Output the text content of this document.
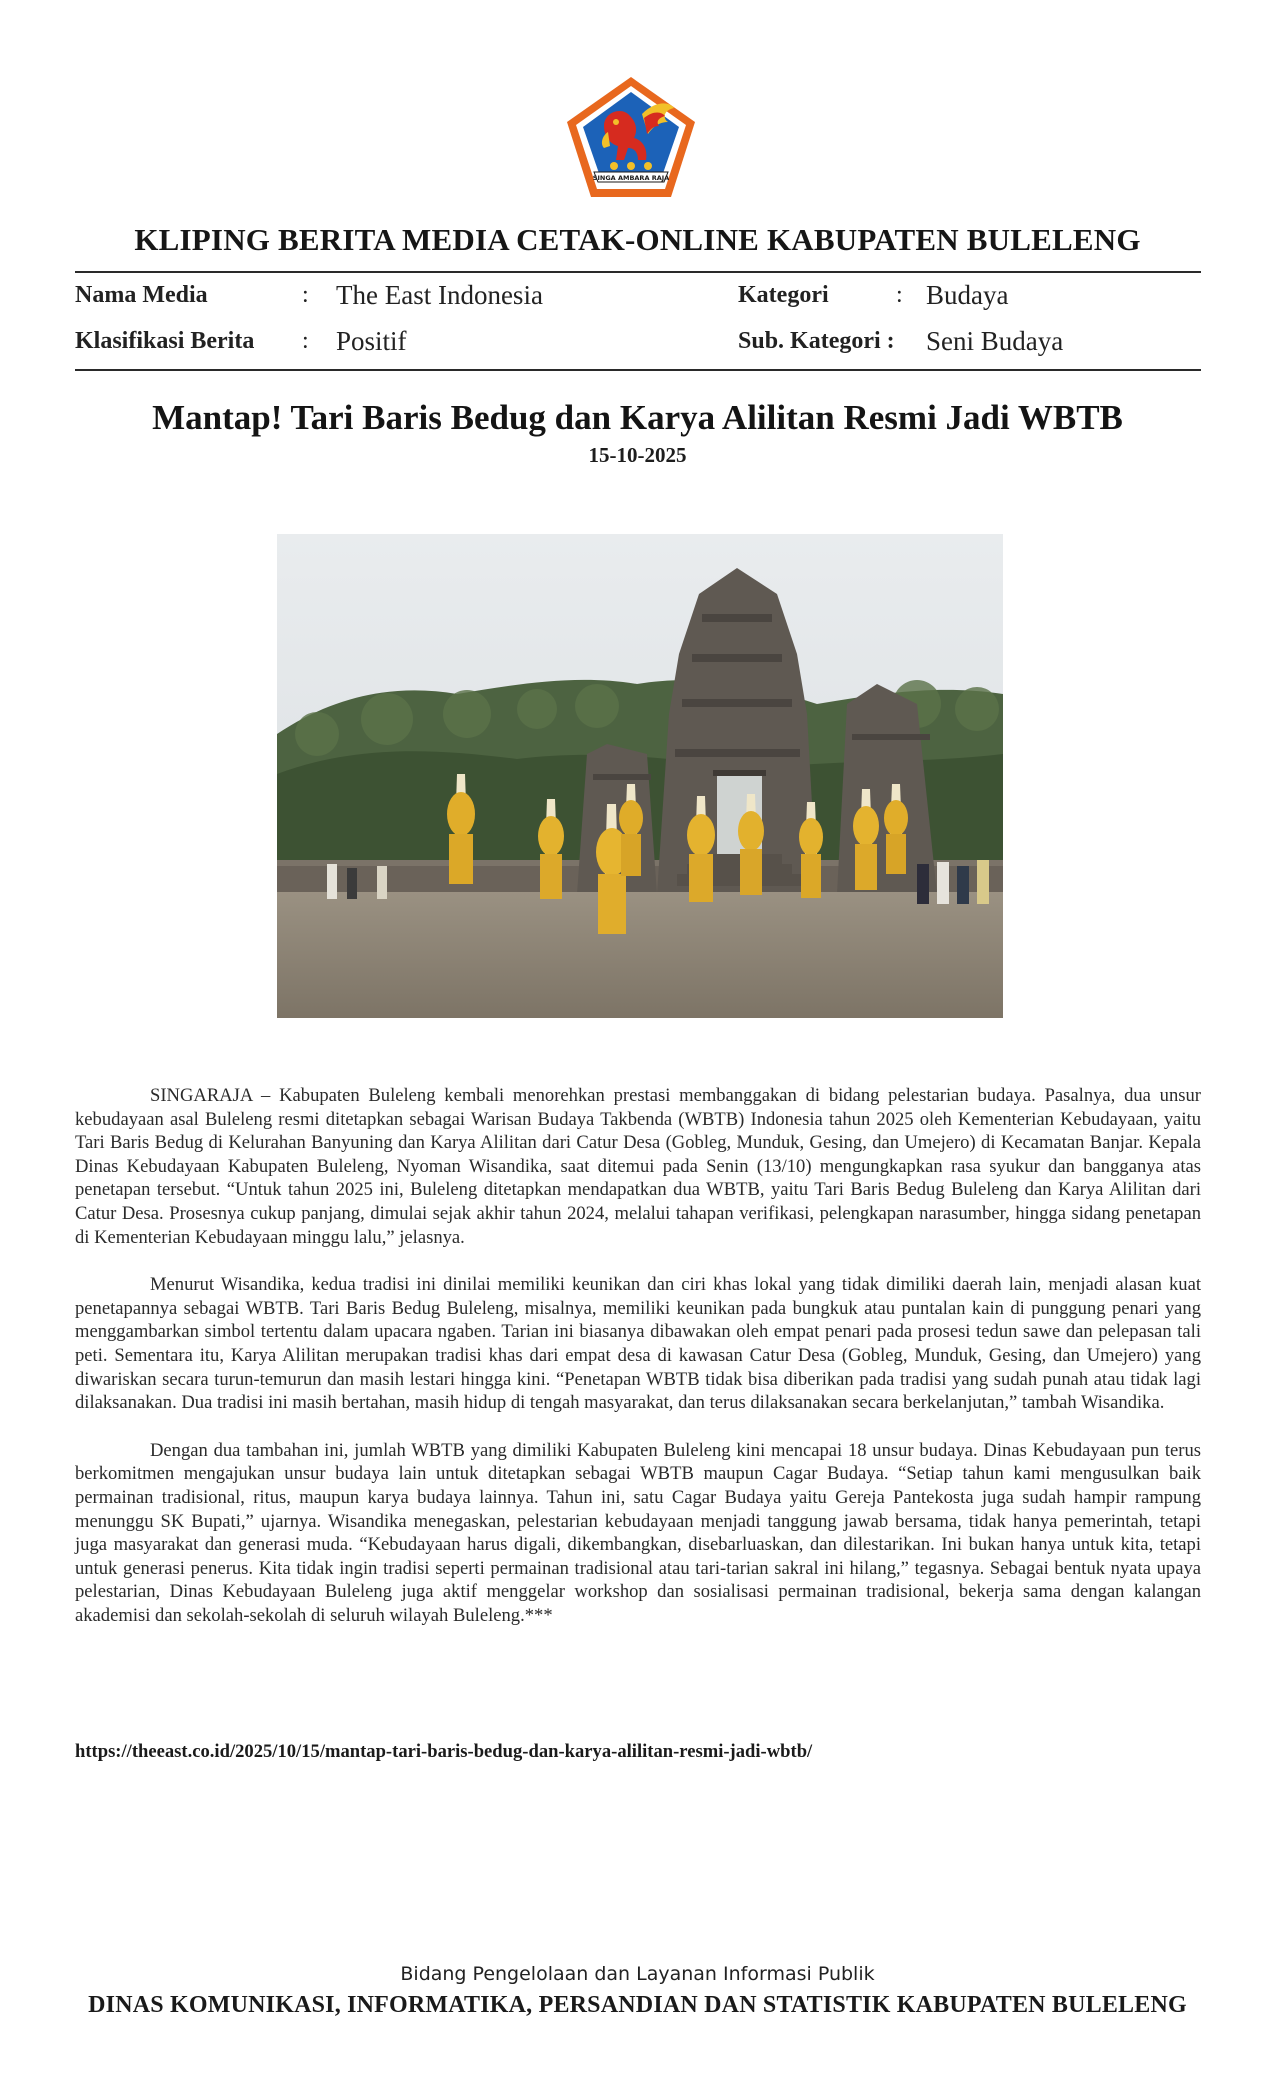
SINGA AMBARA RAJA
KLIPING BERITA MEDIA CETAK-ONLINE KABUPATEN BULELENG
Nama Media	: The East Indonesia
Klasifikasi Berita : Positif
Kategori	: Budaya
Sub. Kategori : Seni Budaya
Mantap! Tari Baris Bedug dan Karya Alilitan Resmi Jadi WBTB
15-10-2025

SINGARAJA – Kabupaten Buleleng kembali menorehkan prestasi membanggakan di bidang pelestarian budaya. Pasalnya, dua unsur kebudayaan asal Buleleng resmi ditetapkan sebagai Warisan Budaya Takbenda (WBTB) Indonesia tahun 2025 oleh Kementerian Kebudayaan, yaitu Tari Baris Bedug di Kelurahan Banyuning dan Karya Alilitan dari Catur Desa (Gobleg, Munduk, Gesing, dan Umejero) di Kecamatan Banjar. Kepala Dinas Kebudayaan Kabupaten Buleleng, Nyoman Wisandika, saat ditemui pada Senin (13/10) mengungkapkan rasa syukur dan bangganya atas penetapan tersebut. “Untuk tahun 2025 ini, Buleleng ditetapkan mendapatkan dua WBTB, yaitu Tari Baris Bedug Buleleng dan Karya Alilitan dari Catur Desa. Prosesnya cukup panjang, dimulai sejak akhir tahun 2024, melalui tahapan verifikasi, pelengkapan narasumber, hingga sidang penetapan di Kementerian Kebudayaan minggu lalu,” jelasnya.

Menurut Wisandika, kedua tradisi ini dinilai memiliki keunikan dan ciri khas lokal yang tidak dimiliki daerah lain, menjadi alasan kuat penetapannya sebagai WBTB. Tari Baris Bedug Buleleng, misalnya, memiliki keunikan pada bungkuk atau puntalan kain di punggung penari yang menggambarkan simbol tertentu dalam upacara ngaben. Tarian ini biasanya dibawakan oleh empat penari pada prosesi tedun sawe dan pelepasan tali peti. Sementara itu, Karya Alilitan merupakan tradisi khas dari empat desa di kawasan Catur Desa (Gobleg, Munduk, Gesing, dan Umejero) yang diwariskan secara turun-temurun dan masih lestari hingga kini. “Penetapan WBTB tidak bisa diberikan pada tradisi yang sudah punah atau tidak lagi dilaksanakan. Dua tradisi ini masih bertahan, masih hidup di tengah masyarakat, dan terus dilaksanakan secara berkelanjutan,” tambah Wisandika.

Dengan dua tambahan ini, jumlah WBTB yang dimiliki Kabupaten Buleleng kini mencapai 18 unsur budaya. Dinas Kebudayaan pun terus berkomitmen mengajukan unsur budaya lain untuk ditetapkan sebagai WBTB maupun Cagar Budaya. “Setiap tahun kami mengusulkan baik permainan tradisional, ritus, maupun karya budaya lainnya. Tahun ini, satu Cagar Budaya yaitu Gereja Pantekosta juga sudah hampir rampung menunggu SK Bupati,” ujarnya. Wisandika menegaskan, pelestarian kebudayaan menjadi tanggung jawab bersama, tidak hanya pemerintah, tetapi juga masyarakat dan generasi muda. “Kebudayaan harus digali, dikembangkan, disebarluaskan, dan dilestarikan. Ini bukan hanya untuk kita, tetapi untuk generasi penerus. Kita tidak ingin tradisi seperti permainan tradisional atau tari-tarian sakral ini hilang,” tegasnya. Sebagai bentuk nyata upaya pelestarian, Dinas Kebudayaan Buleleng juga aktif menggelar workshop dan sosialisasi permainan tradisional, bekerja sama dengan kalangan akademisi dan sekolah-sekolah di seluruh wilayah Buleleng.***

https://theeast.co.id/2025/10/15/mantap-tari-baris-bedug-dan-karya-alilitan-resmi-jadi-wbtb/
Bidang Pengelolaan dan Layanan Informasi Publik
DINAS KOMUNIKASI, INFORMATIKA, PERSANDIAN DAN STATISTIK KABUPATEN BULELENG
